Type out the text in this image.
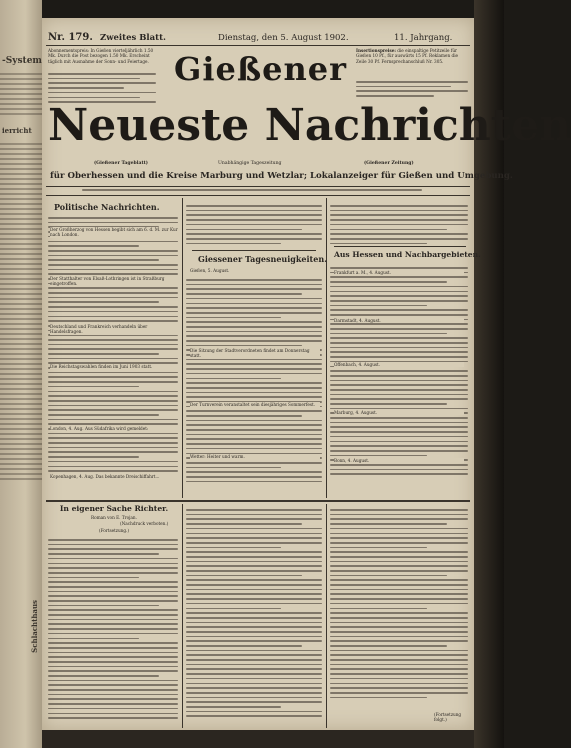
-System
ierricht
Schlachthaus
Nr. 179. Zweites Blatt.	Dienstag, den 5. August 1902.	11. Jahrgang.
Abonnementspreis: In Gießen vierteljährlich 1.50 Mk. Durch die Post bezogen 1.50 Mk. Erscheint täglich mit Ausnahme der Sonn- und Feiertage.
Insertionspreise: die einspaltige Petitzeile für Gießen 10 Pf., für auswärts 15 Pf. Reklamen die Zeile 30 Pf. Fernsprechanschluß Nr. 305.
Gießener
Neueste Nachrichten
(Gießener Tageblatt)	Unabhängige Tageszeitung	(Gießener Zeitung)
für Oberhessen und die Kreise Marburg und Wetzlar; Lokalanzeiger für Gießen und Umgebung.
Politische Nachrichten.
Der Großherzog von Hessen begibt sich am 6. d. M. zur Kur nach London.
Der Statthalter von Elsaß-Lothringen ist in Straßburg eingetroffen.
Deutschland und Frankreich verhandeln über Handelsfragen.
Die Reichstagswahlen finden im Juni 1903 statt.
London, 4. Aug. Aus Südafrika wird gemeldet:
Kopenhagen, 4. Aug. Das bekannte Dreischiffahrt...
Giessener Tagesneuigkeiten.
Gießen, 5. August.
Die Sitzung der Stadtverordneten findet am Donnerstag statt.
Der Turnverein veranstaltet sein diesjähriges Sommerfest.
Wetter: Heiter und warm.
Aus Hessen und Nachbargebieten.
Frankfurt a. M., 4. August.
Darmstadt, 4. August.
Offenbach, 4. August.
Marburg, 4. August.
Bonn, 4. August.
In eigener Sache Richter.
Roman von E. Trojan.
(Nachdruck verboten.)
(Fortsetzung.)
(Fortsetzung folgt.)
